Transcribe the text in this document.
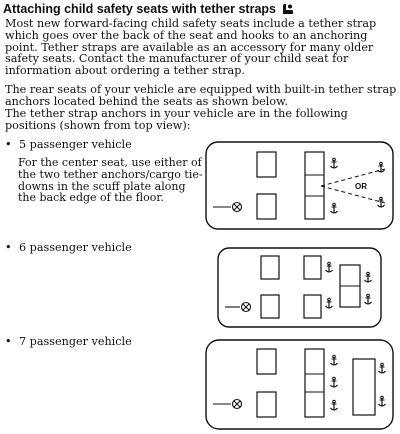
Attaching child safety seats with tether straps

Most new forward-facing child safety seats include a tether strap which goes over the back of the seat and hooks to an anchoring point. Tether straps are available as an accessory for many older safety seats. Contact the manufacturer of your child seat for information about ordering a tether strap.

The rear seats of your vehicle are equipped with built-in tether strap anchors located behind the seats as shown below.

The tether strap anchors in your vehicle are in the following positions (shown from top view):

• 5 passenger vehicle

For the center seat, use either of the two tether anchors/cargo tie-downs in the scuff plate along the back edge of the floor.

OR
• 6 passenger vehicle
• 7 passenger vehicle
